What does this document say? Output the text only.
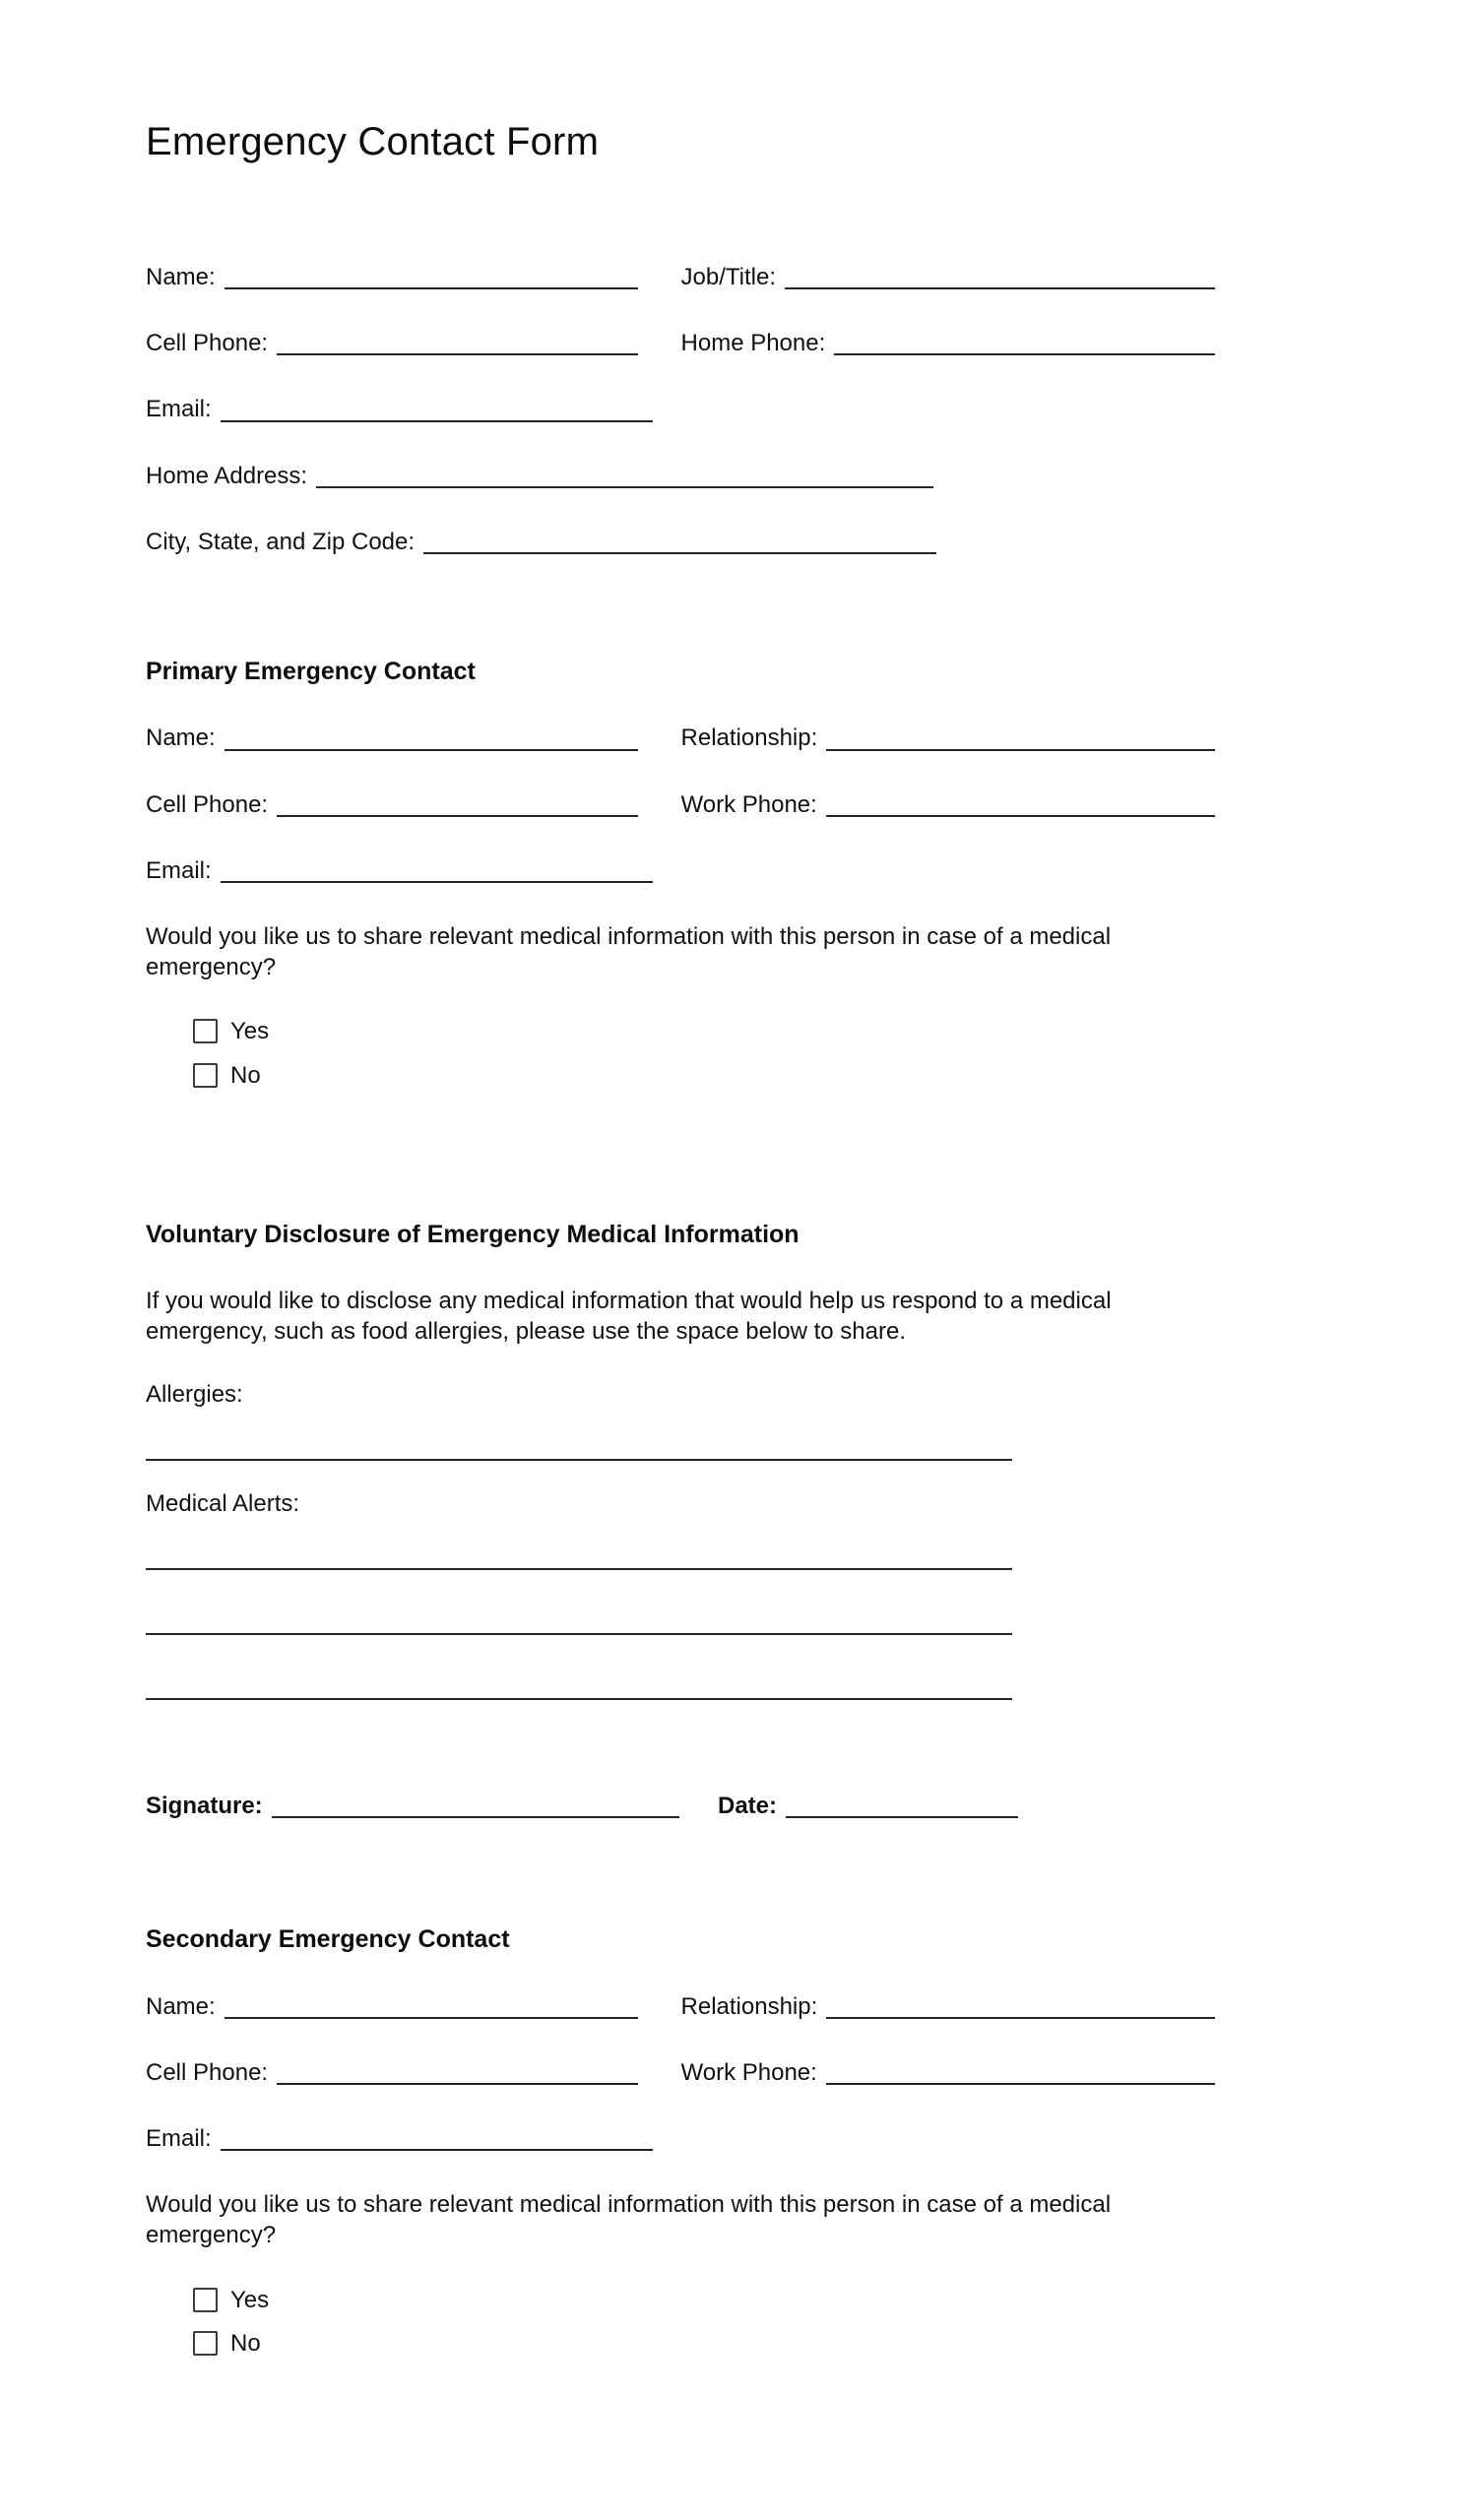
Emergency Contact Form
Name:	Job/Title:
Cell Phone:	Home Phone:
Email:
Home Address:
City, State, and Zip Code:
Primary Emergency Contact
Name:	Relationship:
Cell Phone:	Work Phone:
Email:

Would you like us to share relevant medical information with this person in case of a medical emergency?

Yes
No
Voluntary Disclosure of Emergency Medical Information

If you would like to disclose any medical information that would help us respond to a medical emergency, such as food allergies, please use the space below to share.

Allergies:
Medical Alerts:
Signature:	Date:
Secondary Emergency Contact
Name:	Relationship:
Cell Phone:	Work Phone:
Email:

Would you like us to share relevant medical information with this person in case of a medical emergency?

Yes
No
